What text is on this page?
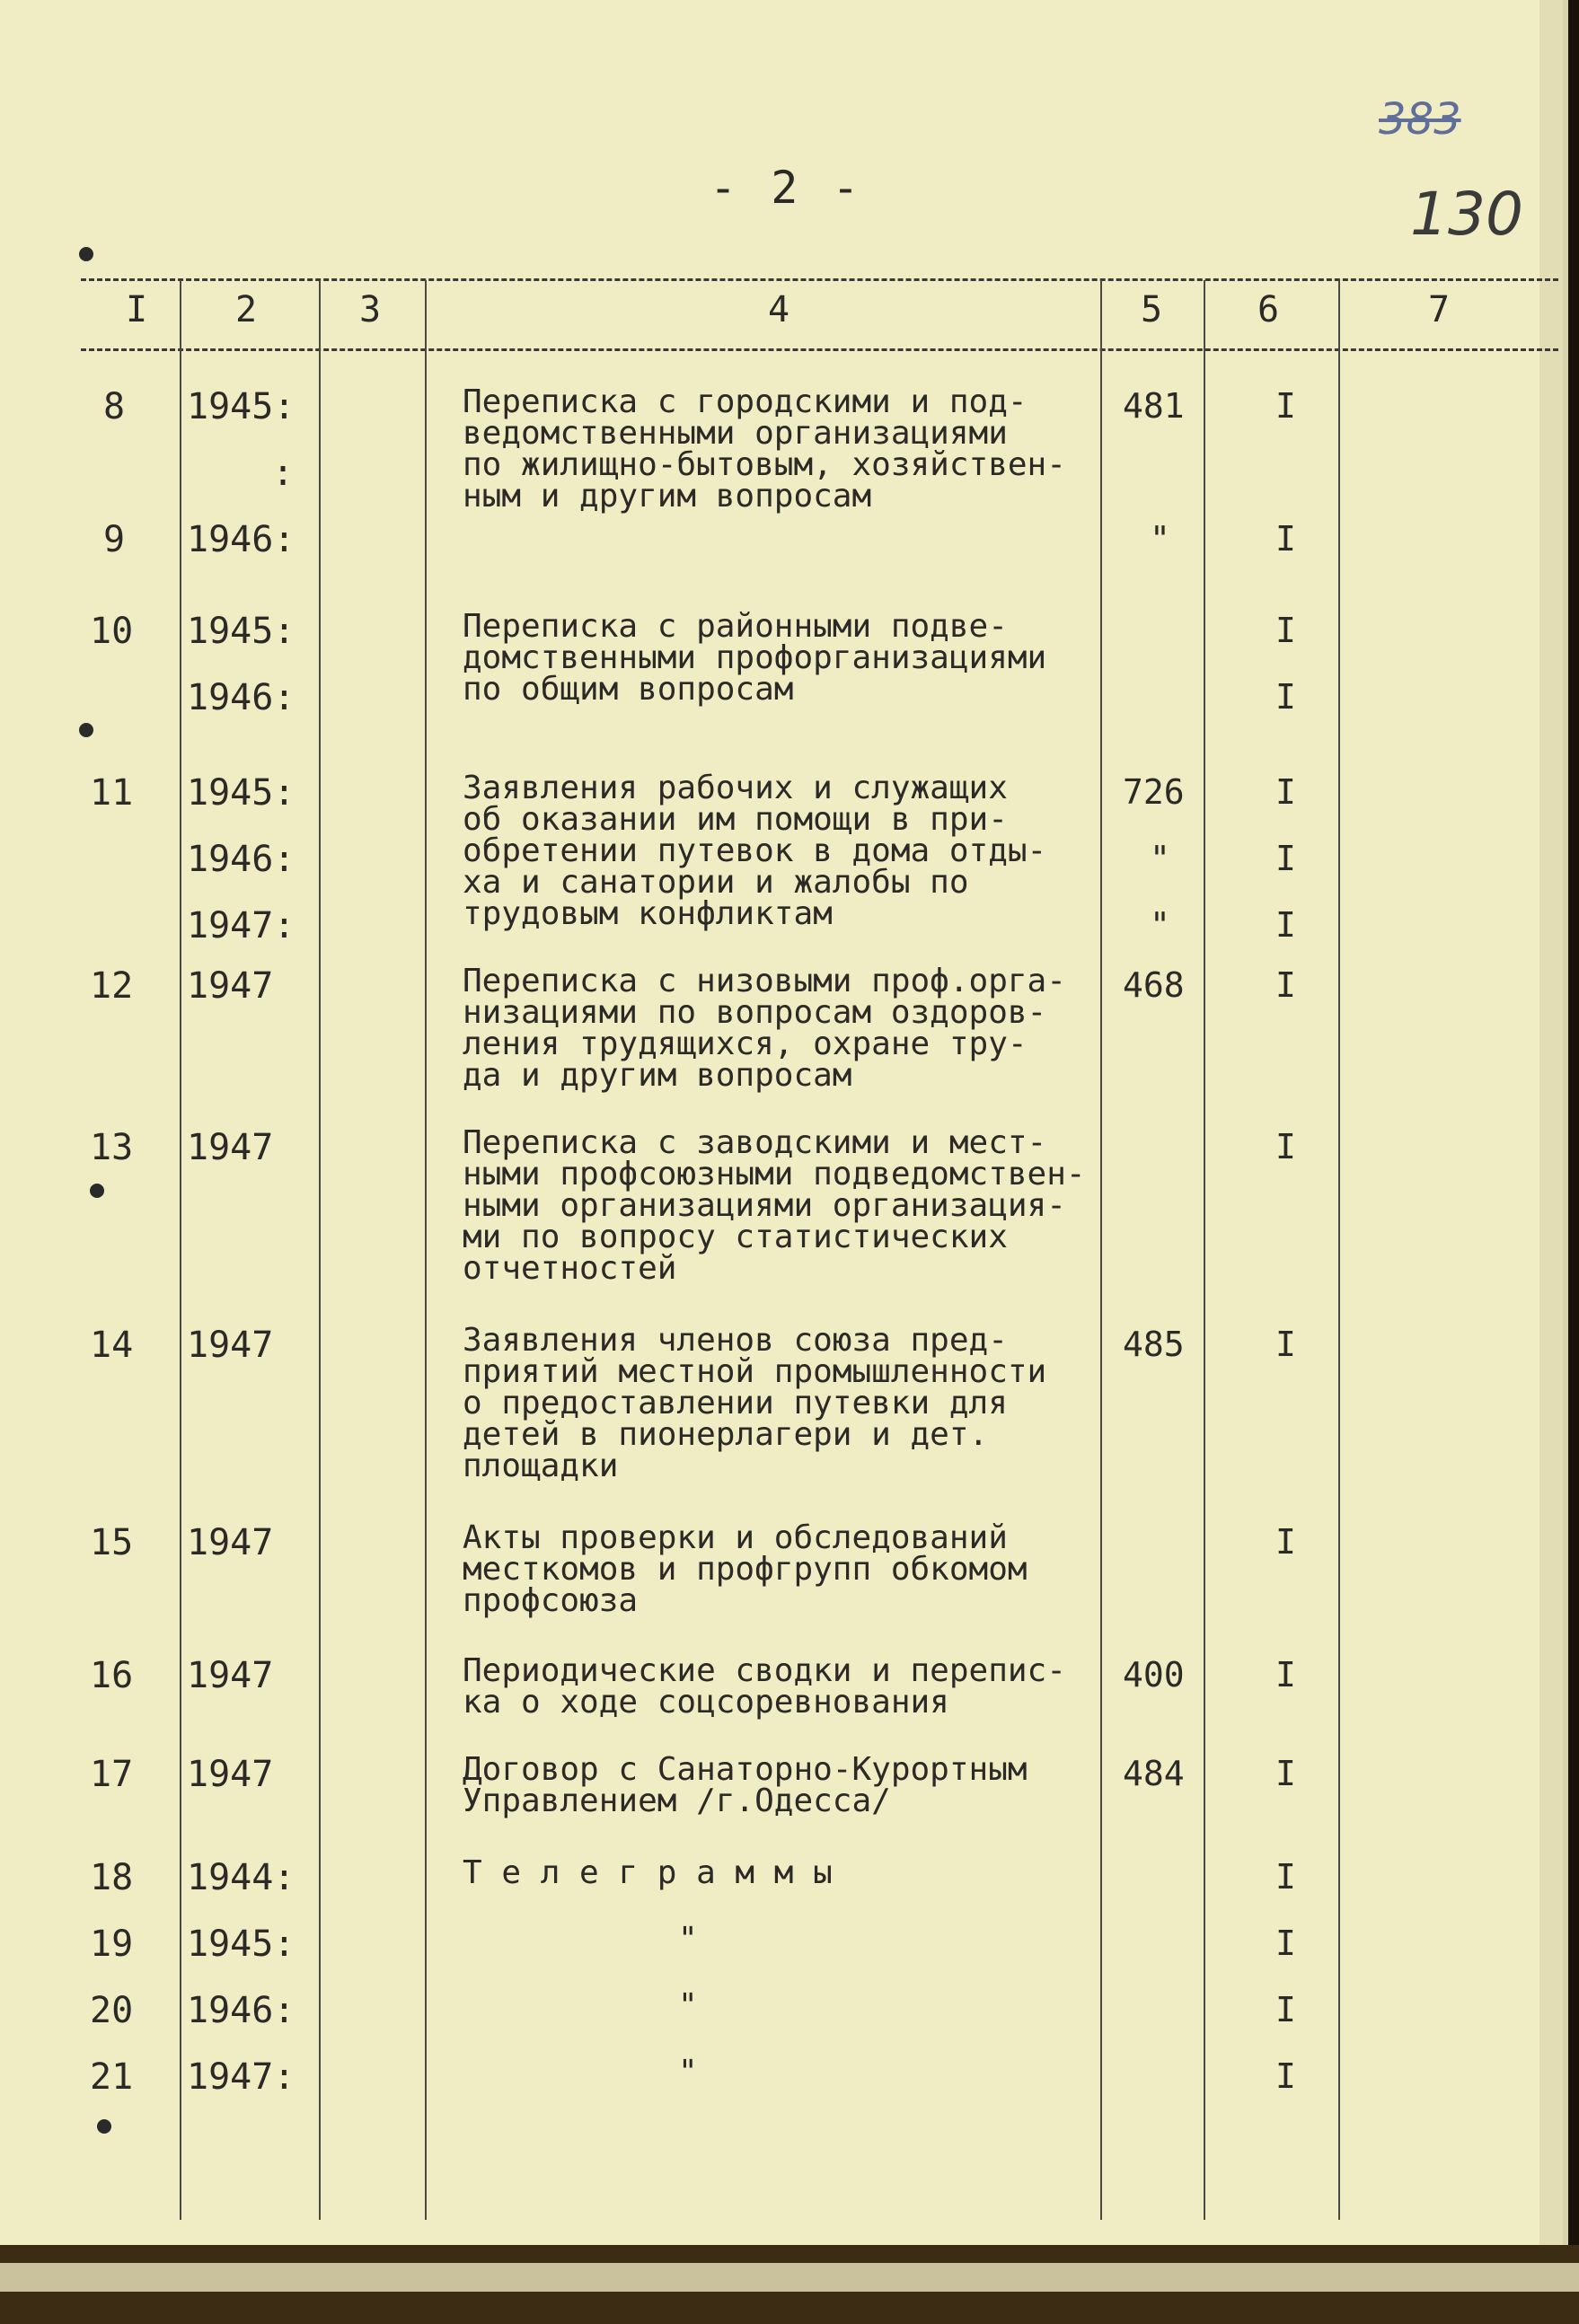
- 2 -
383
130
I 2	3	4	5	6	7
8
9
1945:
:
1946:
Переписка с городскими и под-
ведомственными организациями
по жилищно-бытовым, хозяйствен-
ным и другим вопросам
481
"
I
I
10 1945:
1946:
Переписка с районными подве-
домственными профорганизациями
по общим вопросам
I
I
11 1945:
1946:
1947:
Заявления рабочих и служащих
об оказании им помощи в при-
обретении путевок в дома отды-
ха и санатории и жалобы по
трудовым конфликтам
726
"
"
I
I
I
12 1947	Переписка с низовыми проф.орга-
низациями по вопросам оздоров-
ления трудящихся, охране тру-
да и другим вопросам
468	I
13 1947	Переписка с заводскими и мест-
ными профсоюзными подведомствен-
ными организациями организация-
ми по вопросу статистических
отчетностей
I
14 1947	Заявления членов союза пред-
приятий местной промышленности
о предоставлении путевки для
детей в пионерлагери и дет.
площадки
485	I
15 1947	Акты проверки и обследований
месткомов и профгрупп обкомом
профсоюза
I
16 1947	Периодические сводки и перепис-
ка о ходе соцсоревнования
400	I
17 1947	Договор с Санаторно-Курортным
Управлением /г.Одесса/
484	I
18 1944:	Т е л е г р а м м ы	I
19 1945:	"	I
20 1946:	"	I
21 1947:	"	I
